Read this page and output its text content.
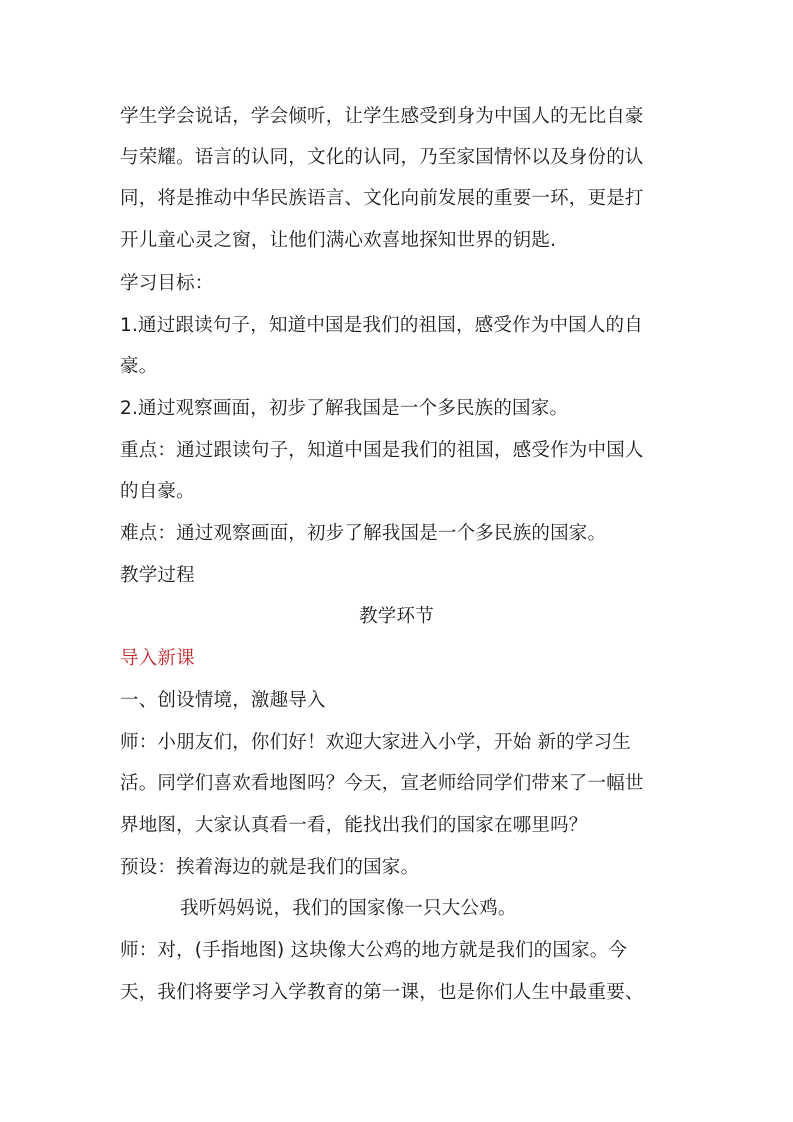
学生学会说话，学会倾听，让学生感受到身为中国人的无比自豪
与荣耀。语言的认同，文化的认同，乃至家国情怀以及身份的认
同，将是推动中华民族语言、文化向前发展的重要一环，更是打
开儿童心灵之窗，让他们满心欢喜地探知世界的钥匙.
学习目标：
1.通过跟读句子，知道中国是我们的祖国，感受作为中国人的自
豪。
2.通过观察画面，初步了解我国是一个多民族的国家。
重点：通过跟读句子，知道中国是我们的祖国，感受作为中国人
的自豪。
难点：通过观察画面，初步了解我国是一个多民族的国家。
教学过程
教学环节
导入新课
一、创设情境，激趣导入
师：小朋友们，你们好！欢迎大家进入小学，开始 新的学习生
活。同学们喜欢看地图吗？今天，宣老师给同学们带来了一幅世
界地图，大家认真看一看，能找出我们的国家在哪里吗？
预设：挨着海边的就是我们的国家。
我听妈妈说，我们的国家像一只大公鸡。
师：对，(手指地图) 这块像大公鸡的地方就是我们的国家。今
天，我们将要学习入学教育的第一课，也是你们人生中最重要、
